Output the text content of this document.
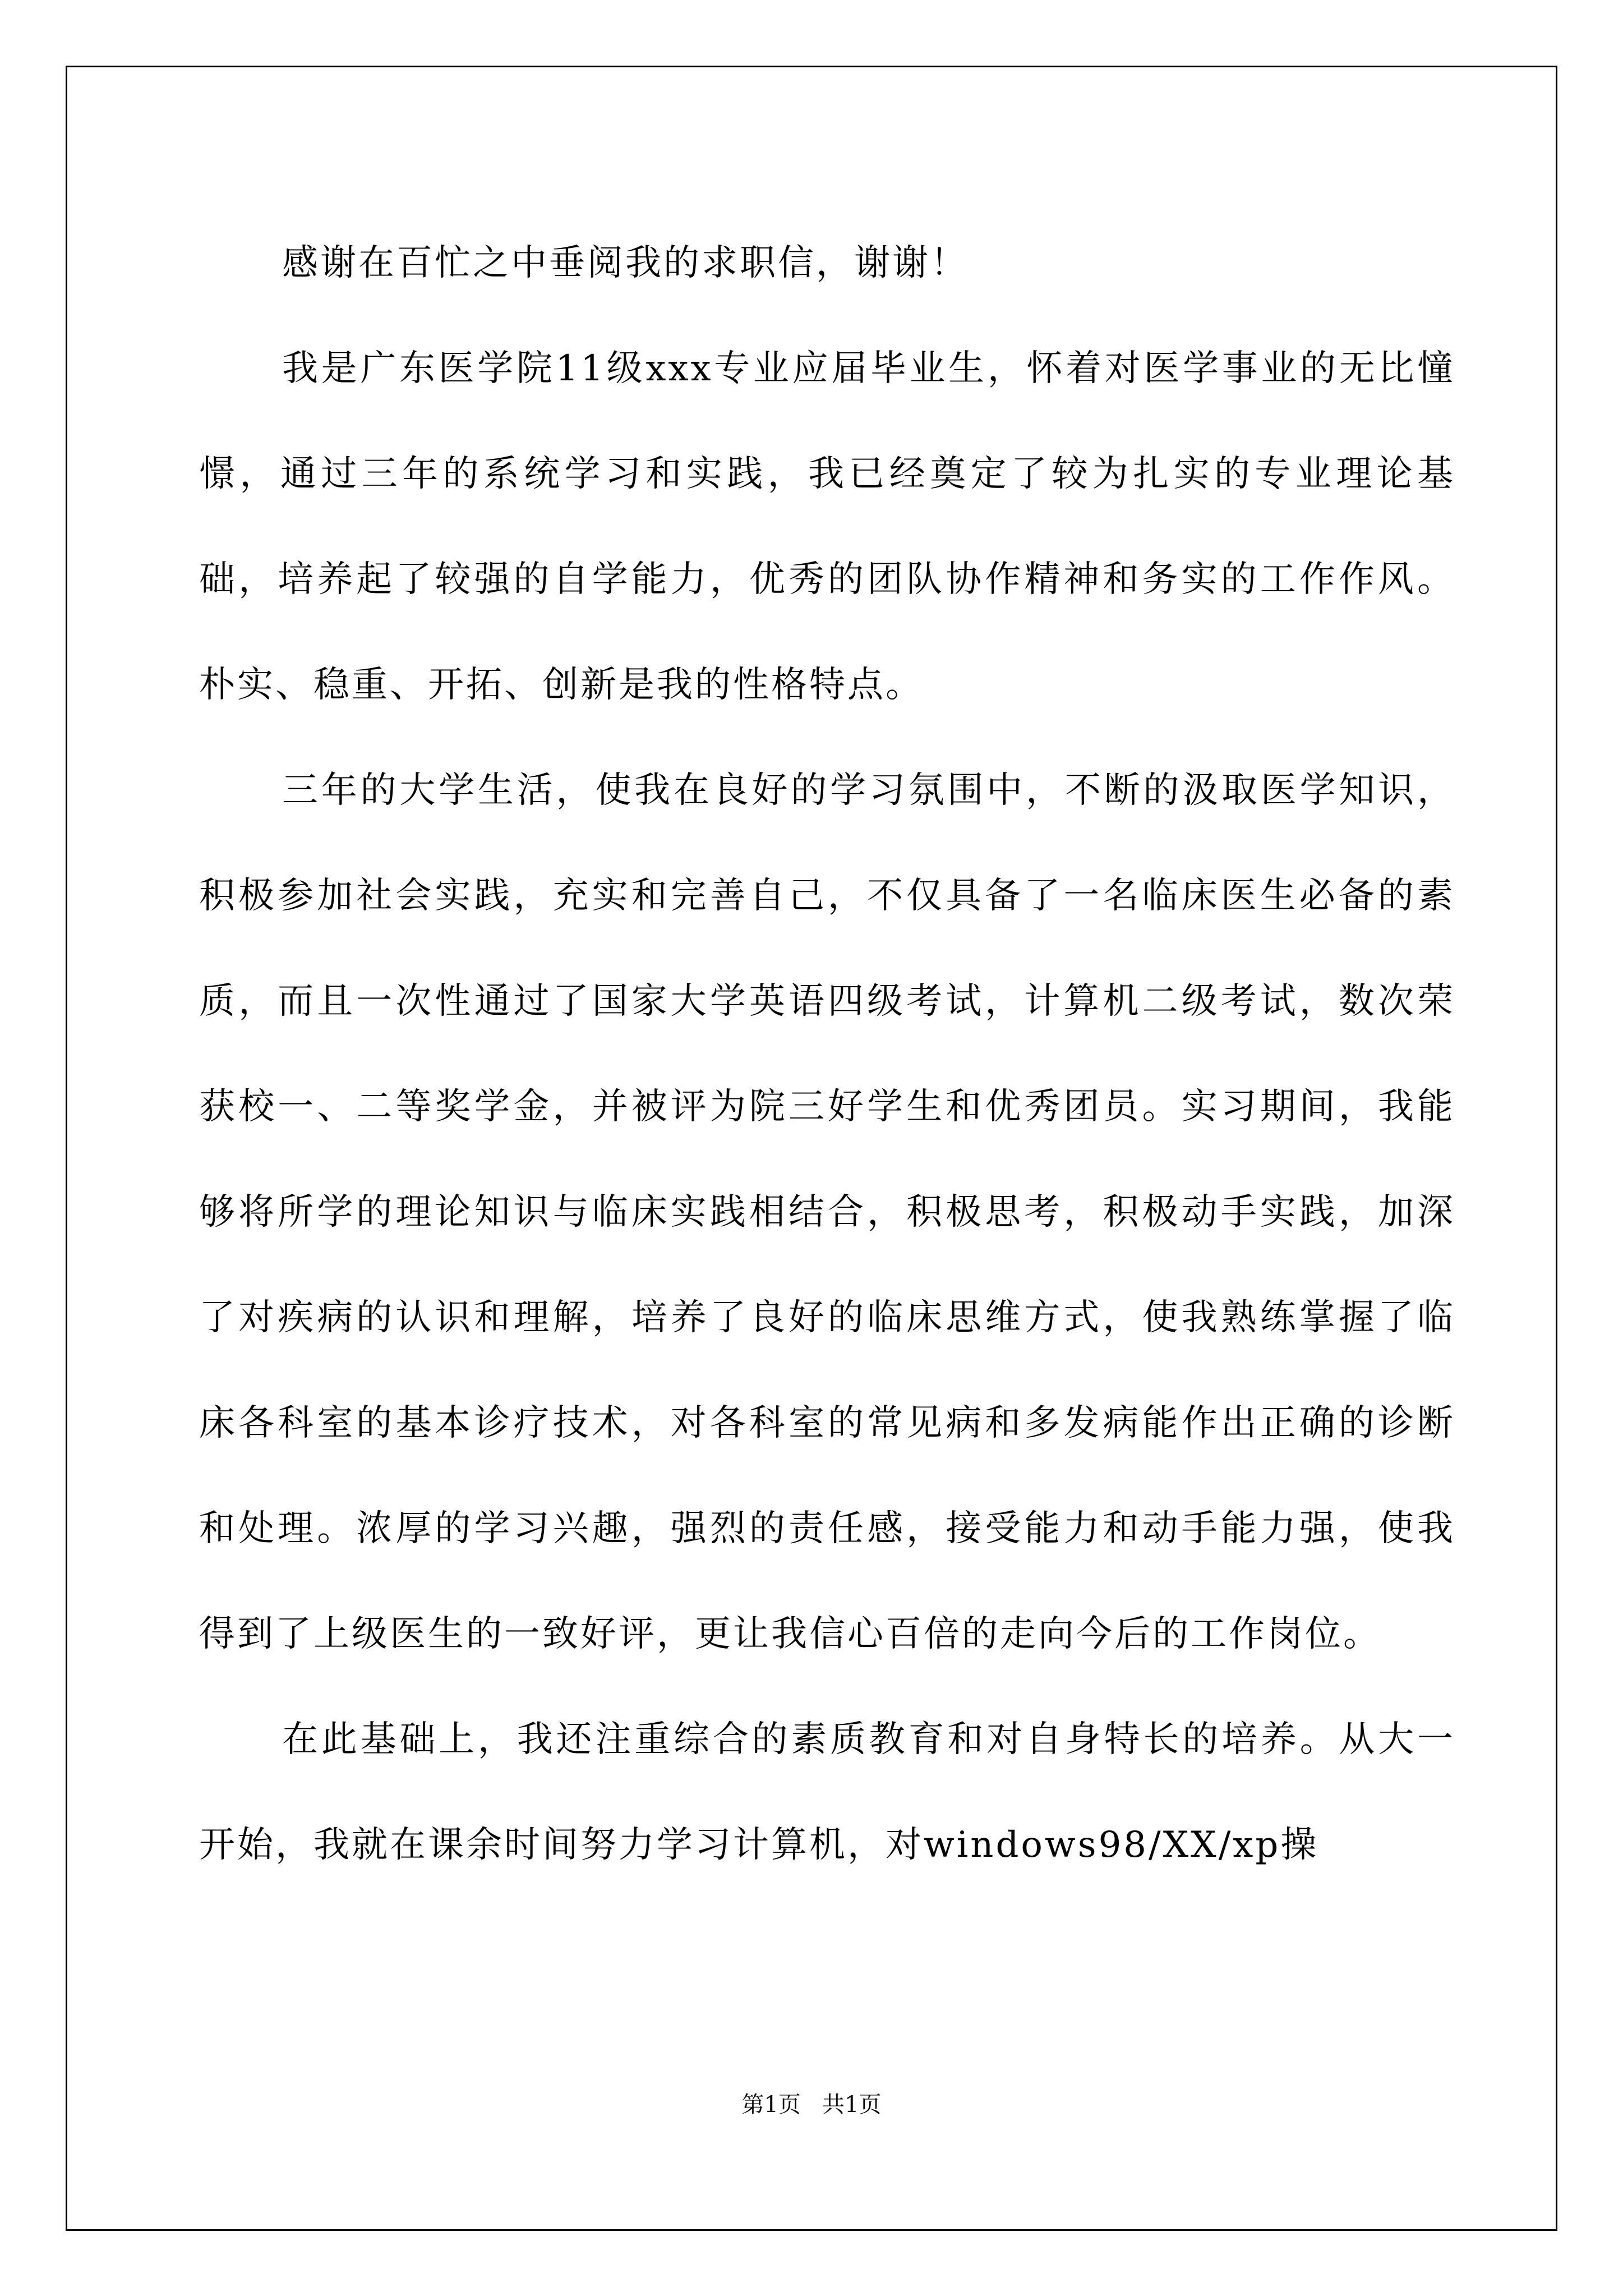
感谢在百忙之中垂阅我的求职信，谢谢！

我是广东医学院11级xxx专业应届毕业生，怀着对医学事业的无比憧憬，通过三年的系统学习和实践，我已经奠定了较为扎实的专业理论基础，培养起了较强的自学能力，优秀的团队协作精神和务实的工作作风。朴实、稳重、开拓、创新是我的性格特点。

三年的大学生活，使我在良好的学习氛围中，不断的汲取医学知识，积极参加社会实践，充实和完善自己，不仅具备了一名临床医生必备的素质，而且一次性通过了国家大学英语四级考试，计算机二级考试，数次荣获校一、二等奖学金，并被评为院三好学生和优秀团员。实习期间，我能够将所学的理论知识与临床实践相结合，积极思考，积极动手实践，加深了对疾病的认识和理解，培养了良好的临床思维方式，使我熟练掌握了临床各科室的基本诊疗技术，对各科室的常见病和多发病能作出正确的诊断和处理。浓厚的学习兴趣，强烈的责任感，接受能力和动手能力强，使我得到了上级医生的一致好评，更让我信心百倍的走向今后的工作岗位。

在此基础上，我还注重综合的素质教育和对自身特长的培养。从大一开始，我就在课余时间努力学习计算机，对windows98/XX/xp操

第1页   共1页
